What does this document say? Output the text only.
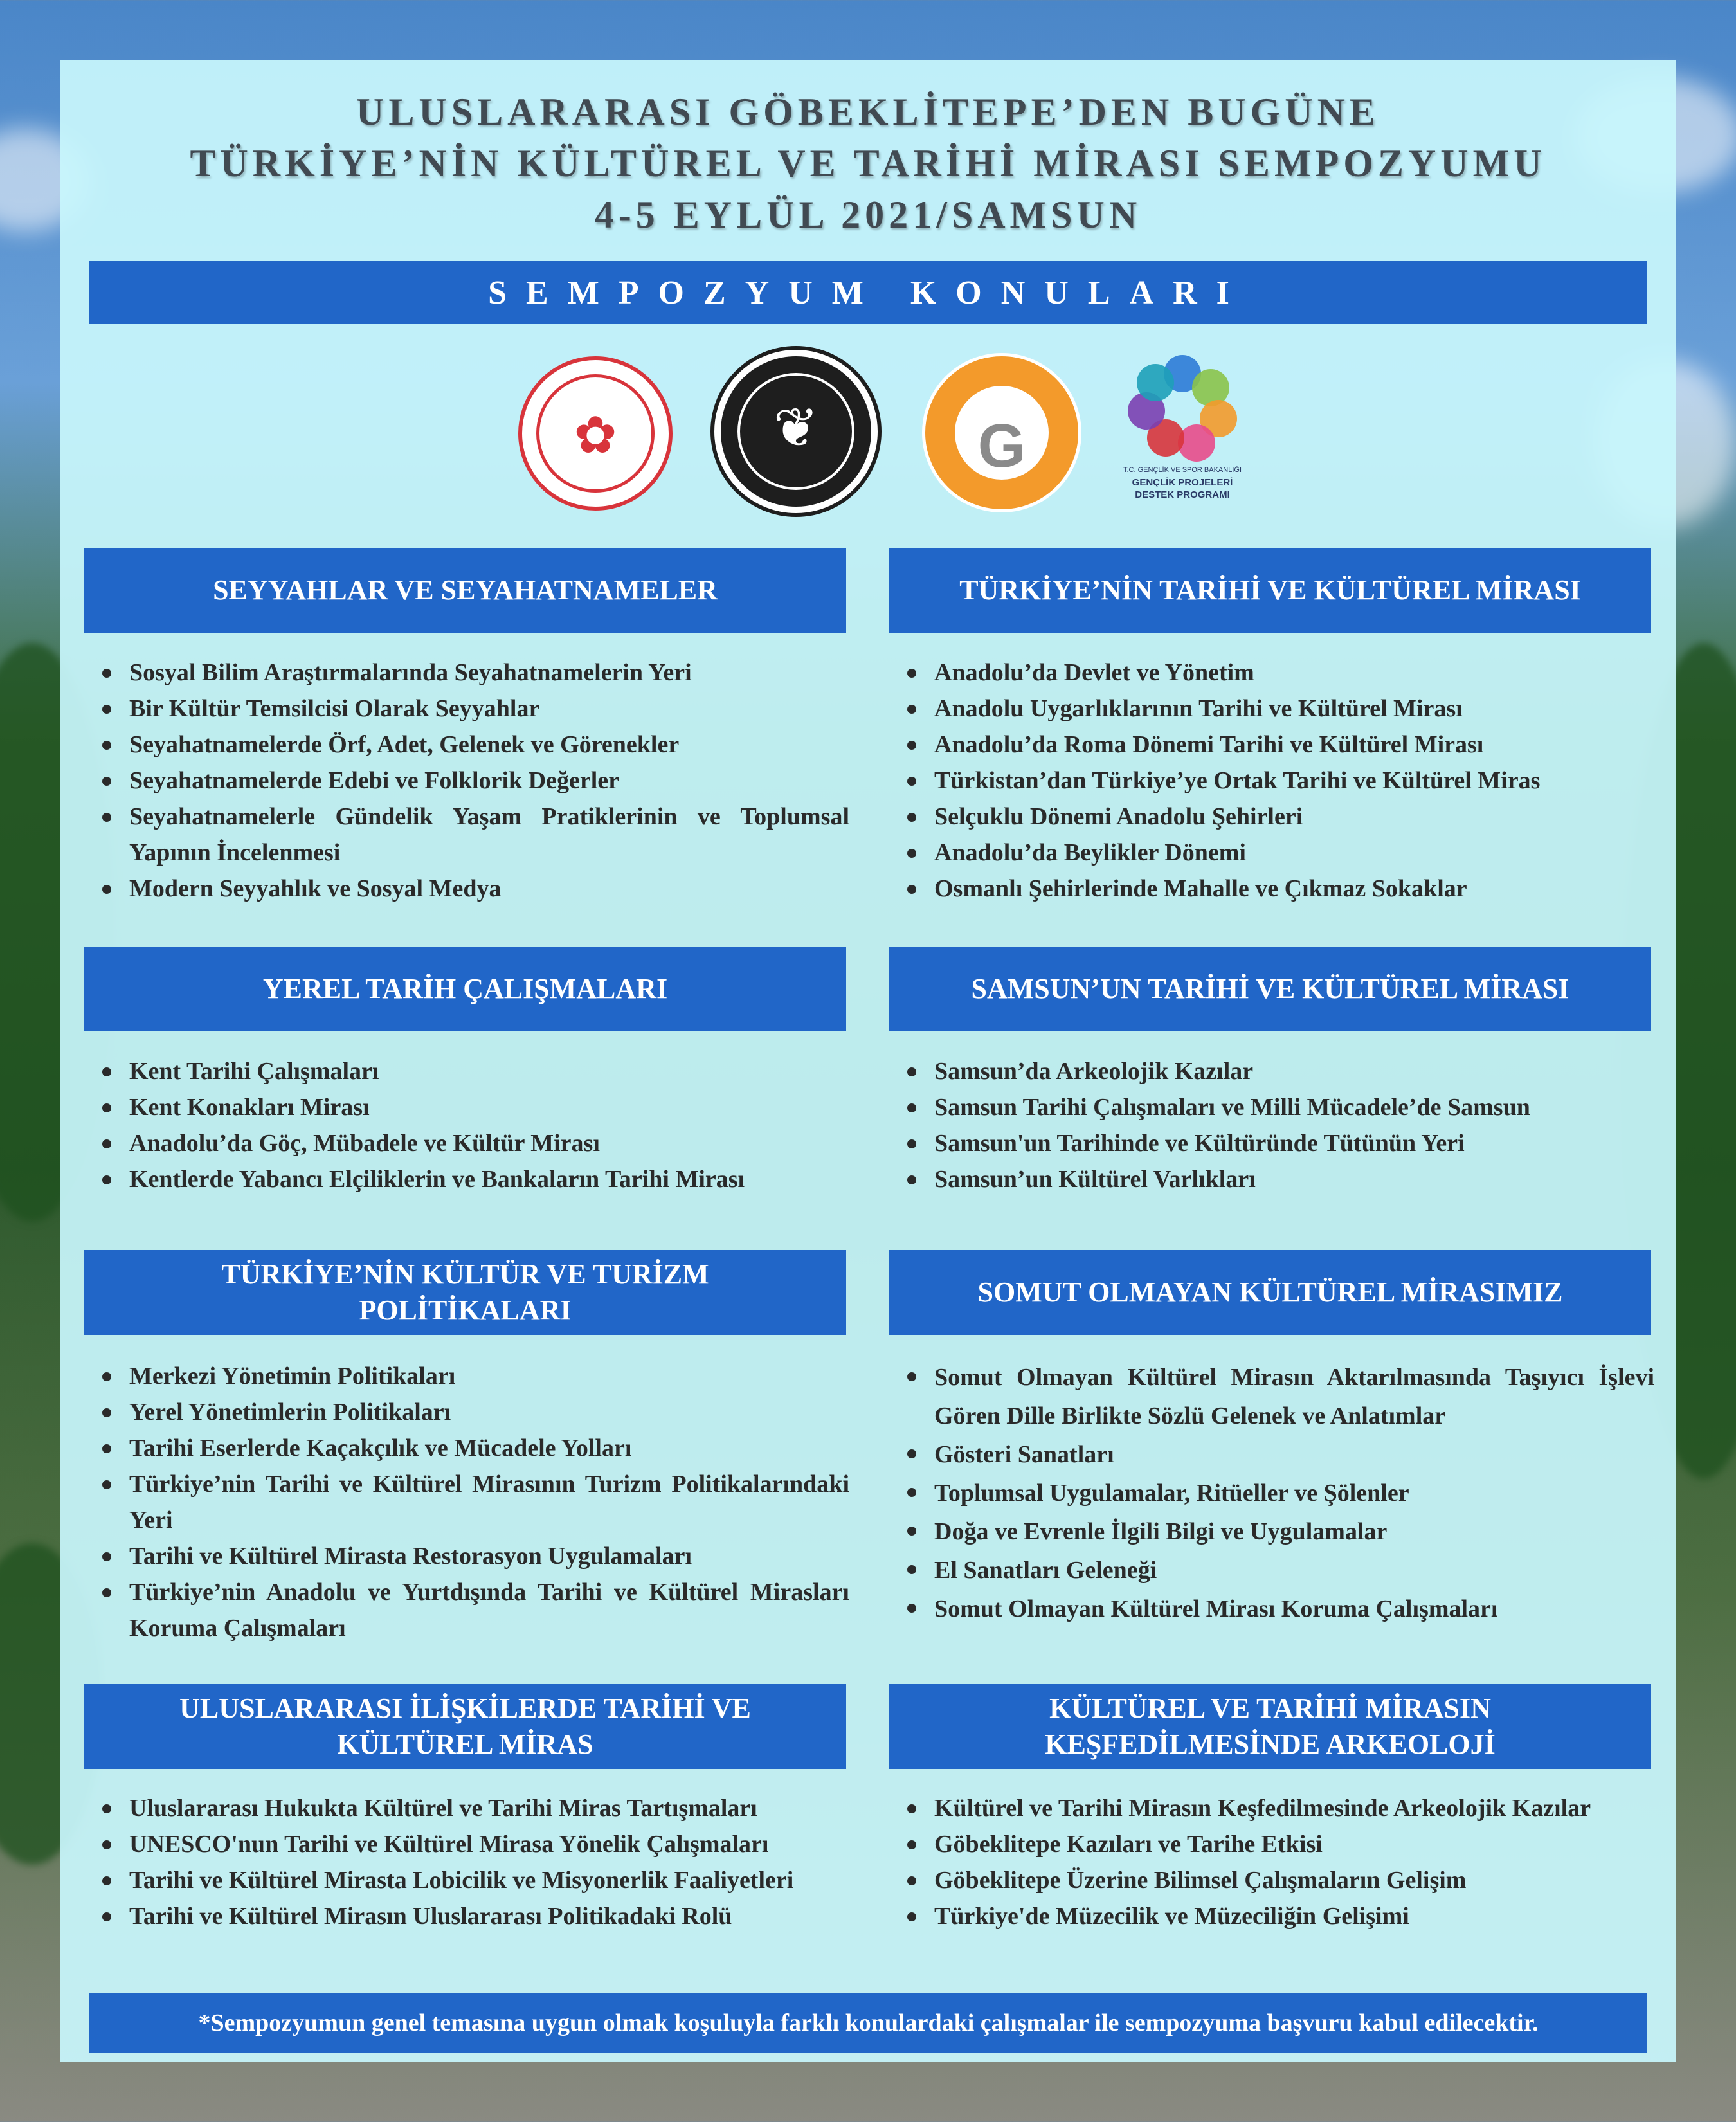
ULUSLARARASI GÖBEKLİTEPE’DEN BUGÜNE
TÜRKİYE’NİN KÜLTÜREL VE TARİHİ MİRASI SEMPOZYUMU
4-5 EYLÜL 2021/SAMSUN
SEMPOZYUM KONULARI
✿	❦	G	T.C. GENÇLİK VE SPOR BAKANLIĞI
GENÇLİK PROJELERİ
DESTEK PROGRAMI
SEYYAHLAR VE SEYAHATNAMELER
Sosyal Bilim Araştırmalarında Seyahatnamelerin Yeri
Bir Kültür Temsilcisi Olarak Seyyahlar
Seyahatnamelerde Örf, Adet, Gelenek ve Görenekler
Seyahatnamelerde Edebi ve Folklorik Değerler
Seyahatnamelerle Gündelik Yaşam Pratiklerinin ve Toplumsal Yapının İncelenmesi
Modern Seyyahlık ve Sosyal Medya
TÜRKİYE’NİN TARİHİ VE KÜLTÜREL MİRASI
Anadolu’da Devlet ve Yönetim
Anadolu Uygarlıklarının Tarihi ve Kültürel Mirası
Anadolu’da Roma Dönemi Tarihi ve Kültürel Mirası
Türkistan’dan Türkiye’ye Ortak Tarihi ve Kültürel Miras
Selçuklu Dönemi Anadolu Şehirleri
Anadolu’da Beylikler Dönemi
Osmanlı Şehirlerinde Mahalle ve Çıkmaz Sokaklar
YEREL TARİH ÇALIŞMALARI
Kent Tarihi Çalışmaları
Kent Konakları Mirası
Anadolu’da Göç, Mübadele ve Kültür Mirası
Kentlerde Yabancı Elçiliklerin ve Bankaların Tarihi Mirası
SAMSUN’UN TARİHİ VE KÜLTÜREL MİRASI
Samsun’da Arkeolojik Kazılar
Samsun Tarihi Çalışmaları ve Milli Mücadele’de Samsun
Samsun'un Tarihinde ve Kültüründe Tütünün Yeri
Samsun’un Kültürel Varlıkları
TÜRKİYE’NİN KÜLTÜR VE TURİZM POLİTİKALARI
Merkezi Yönetimin Politikaları
Yerel Yönetimlerin Politikaları
Tarihi Eserlerde Kaçakçılık ve Mücadele Yolları
Türkiye’nin Tarihi ve Kültürel Mirasının Turizm Politikalarındaki Yeri
Tarihi ve Kültürel Mirasta Restorasyon Uygulamaları
Türkiye’nin Anadolu ve Yurtdışında Tarihi ve Kültürel Mirasları Koruma Çalışmaları
SOMUT OLMAYAN KÜLTÜREL MİRASIMIZ
Somut Olmayan Kültürel Mirasın Aktarılmasında Taşıyıcı İşlevi Gören Dille Birlikte Sözlü Gelenek ve Anlatımlar
Gösteri Sanatları
Toplumsal Uygulamalar, Ritüeller ve Şölenler
Doğa ve Evrenle İlgili Bilgi ve Uygulamalar
El Sanatları Geleneği
Somut Olmayan Kültürel Mirası Koruma Çalışmaları
ULUSLARARASI İLİŞKİLERDE TARİHİ VE KÜLTÜREL MİRAS
Uluslararası Hukukta Kültürel ve Tarihi Miras Tartışmaları
UNESCO'nun Tarihi ve Kültürel Mirasa Yönelik Çalışmaları
Tarihi ve Kültürel Mirasta Lobicilik ve Misyonerlik Faaliyetleri
Tarihi ve Kültürel Mirasın Uluslararası Politikadaki Rolü
KÜLTÜREL VE TARİHİ MİRASIN KEŞFEDİLMESİNDE ARKEOLOJİ
Kültürel ve Tarihi Mirasın Keşfedilmesinde Arkeolojik Kazılar
Göbeklitepe Kazıları ve Tarihe Etkisi
Göbeklitepe Üzerine Bilimsel Çalışmaların Gelişim
Türkiye'de Müzecilik ve Müzeciliğin Gelişimi
*Sempozyumun genel temasına uygun olmak koşuluyla farklı konulardaki çalışmalar ile sempozyuma başvuru kabul edilecektir.
